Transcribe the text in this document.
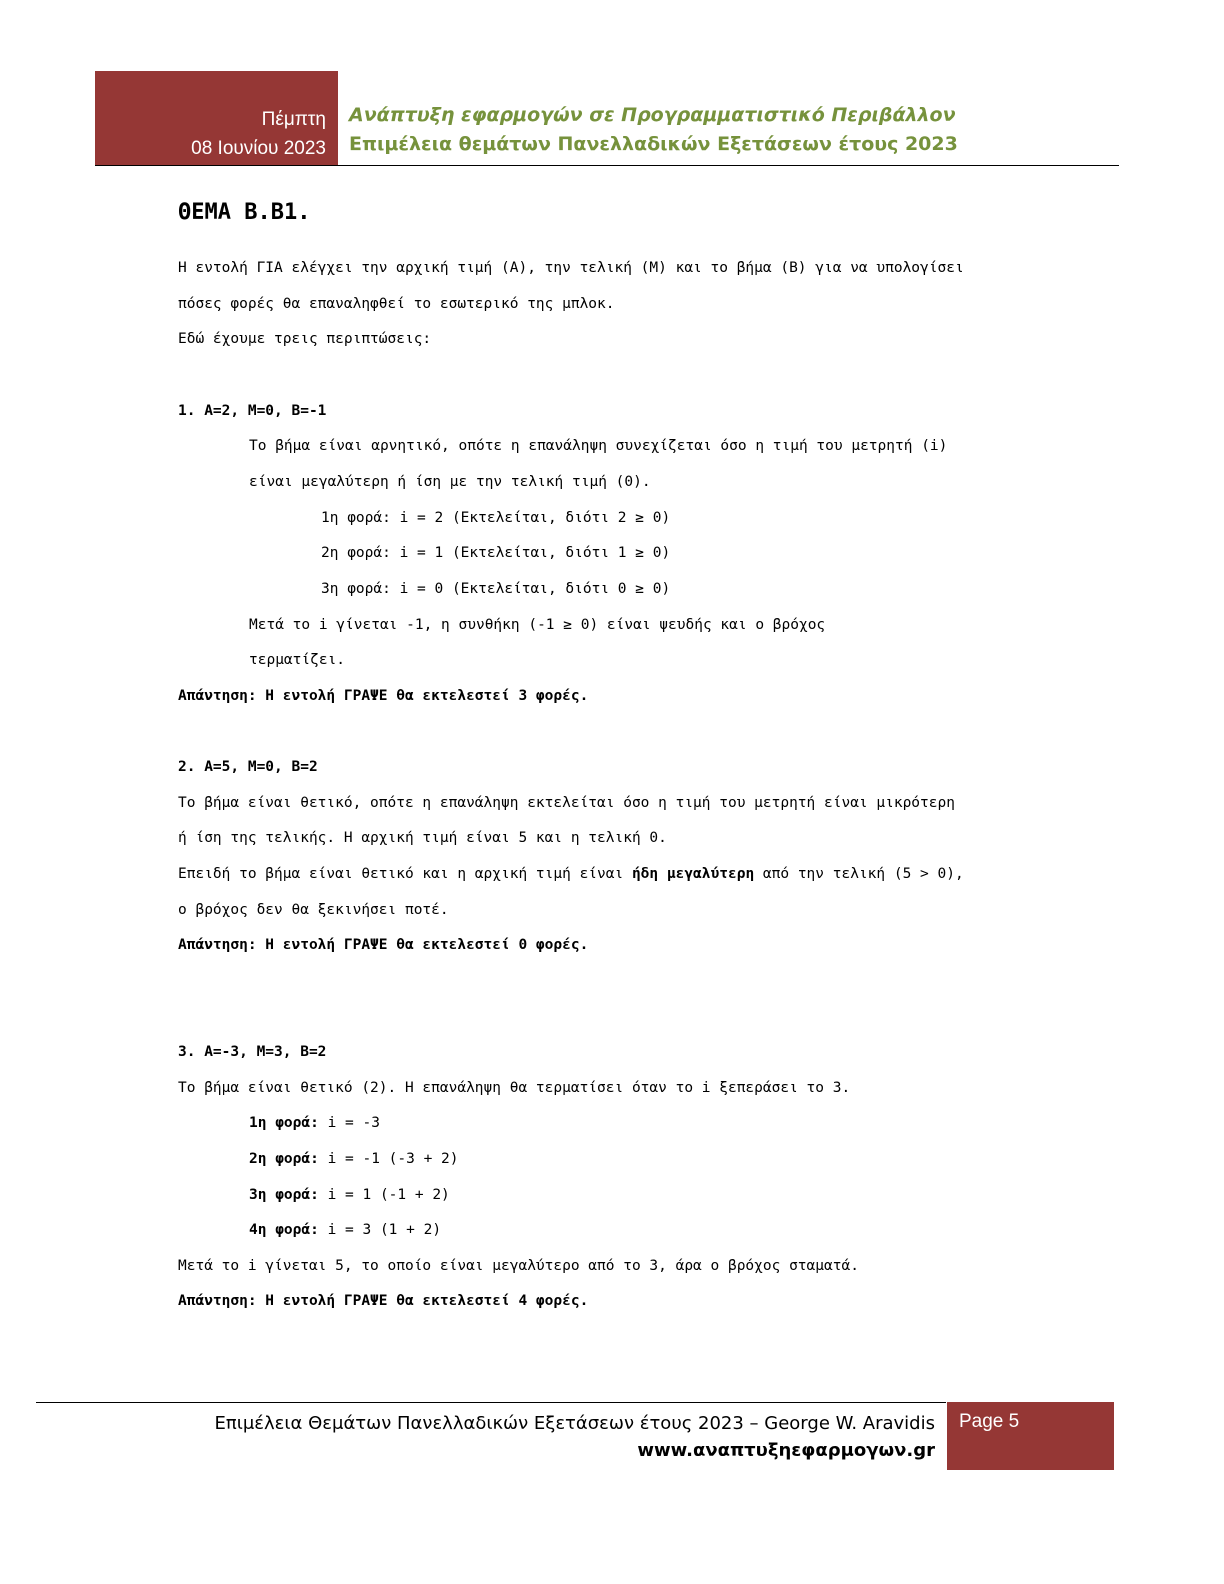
Πέμπτη
08 Ιουνίου 2023
Ανάπτυξη εφαρμογών σε Προγραμματιστικό Περιβάλλον
Επιμέλεια θεμάτων Πανελλαδικών Εξετάσεων έτους 2023
ΘΕΜΑ Β.Β1.
Η εντολή ΓΙΑ ελέγχει την αρχική τιμή (Α), την τελική (Μ) και το βήμα (Β) για να υπολογίσει
πόσες φορές θα επαναληφθεί το εσωτερικό της μπλοκ.
Εδώ έχουμε τρεις περιπτώσεις:
1. A=2, M=0, B=-1
Το βήμα είναι αρνητικό, οπότε η επανάληψη συνεχίζεται όσο η τιμή του μετρητή (i)
είναι μεγαλύτερη ή ίση με την τελική τιμή (0).
1η φορά: i = 2 (Εκτελείται, διότι 2 ≥ 0)
2η φορά: i = 1 (Εκτελείται, διότι 1 ≥ 0)
3η φορά: i = 0 (Εκτελείται, διότι 0 ≥ 0)
Μετά το i γίνεται -1, η συνθήκη (-1 ≥ 0) είναι ψευδής και ο βρόχος
τερματίζει.
Απάντηση: Η εντολή ΓΡΑΨΕ θα εκτελεστεί 3 φορές.
2. A=5, M=0, B=2
Το βήμα είναι θετικό, οπότε η επανάληψη εκτελείται όσο η τιμή του μετρητή είναι μικρότερη
ή ίση της τελικής. Η αρχική τιμή είναι 5 και η τελική 0.
Επειδή το βήμα είναι θετικό και η αρχική τιμή είναι ήδη μεγαλύτερη από την τελική (5 > 0),
ο βρόχος δεν θα ξεκινήσει ποτέ.
Απάντηση: Η εντολή ΓΡΑΨΕ θα εκτελεστεί 0 φορές.
3. A=-3, M=3, B=2
Το βήμα είναι θετικό (2). Η επανάληψη θα τερματίσει όταν το i ξεπεράσει το 3.
1η φορά: i = -3
2η φορά: i = -1 (-3 + 2)
3η φορά: i = 1 (-1 + 2)
4η φορά: i = 3 (1 + 2)
Μετά το i γίνεται 5, το οποίο είναι μεγαλύτερο από το 3, άρα ο βρόχος σταματά.
Απάντηση: Η εντολή ΓΡΑΨΕ θα εκτελεστεί 4 φορές.
Επιμέλεια Θεμάτων Πανελλαδικών Εξετάσεων έτους 2023 – George W. Aravidis
www.αναπτυξηεφαρμογων.gr
Page 5
